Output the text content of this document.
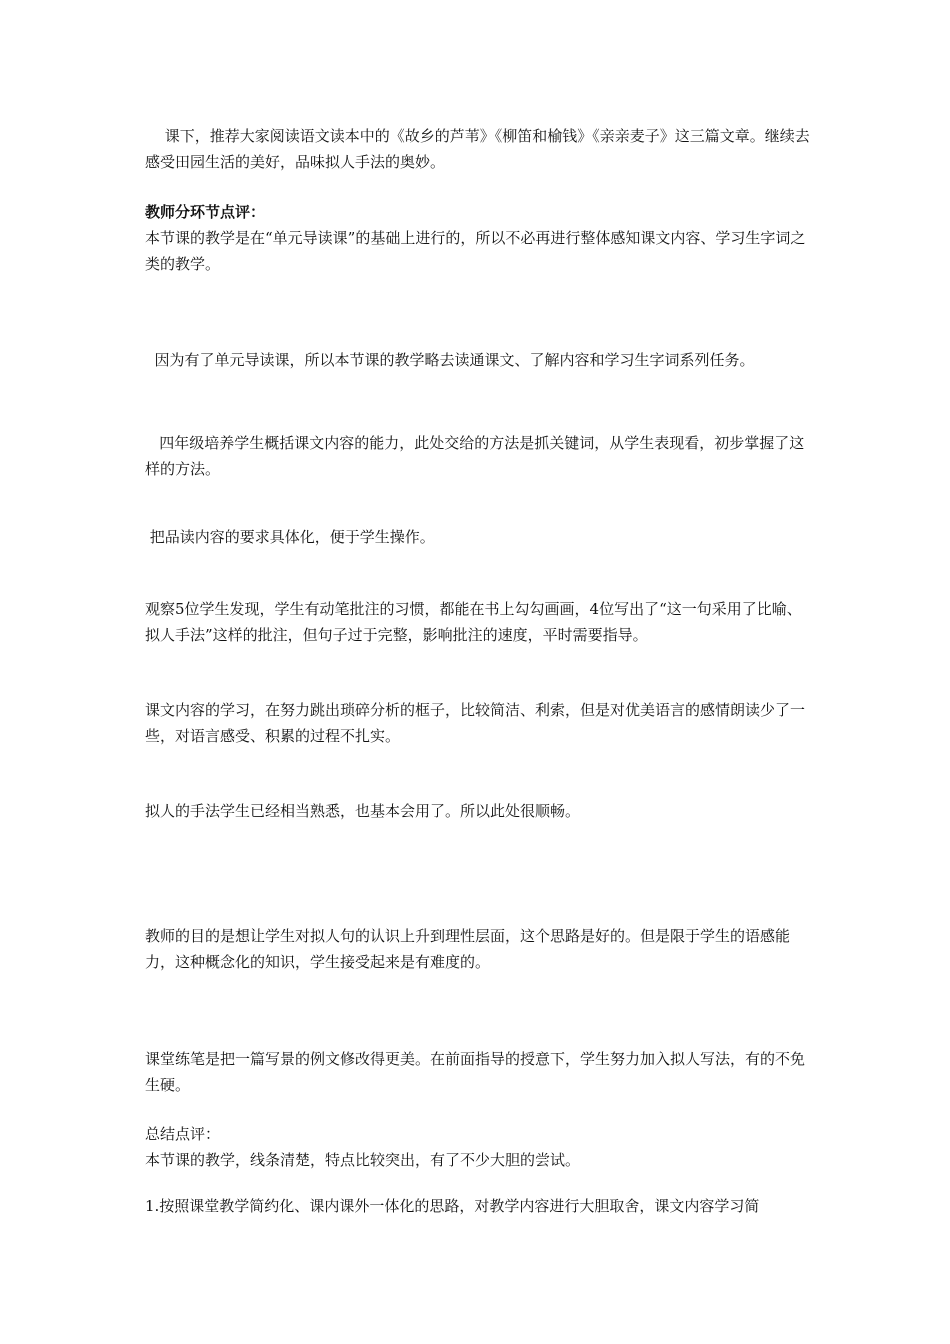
　 课下，推荐大家阅读语文读本中的《故乡的芦苇》《柳笛和榆钱》《亲亲麦子》这三篇文章。继续去感受田园生活的美好，品味拟人手法的奥妙。

教师分环节点评：

本节课的教学是在“单元导读课”的基础上进行的，所以不必再进行整体感知课文内容、学习生字词之类的教学。

因为有了单元导读课，所以本节课的教学略去读通课文、了解内容和学习生字词系列任务。

四年级培养学生概括课文内容的能力，此处交给的方法是抓关键词，从学生表现看，初步掌握了这样的方法。

把品读内容的要求具体化，便于学生操作。

观察5位学生发现，学生有动笔批注的习惯，都能在书上勾勾画画，4位写出了“这一句采用了比喻、拟人手法”这样的批注，但句子过于完整，影响批注的速度，平时需要指导。

课文内容的学习，在努力跳出琐碎分析的框子，比较简洁、利索，但是对优美语言的感情朗读少了一些，对语言感受、积累的过程不扎实。

拟人的手法学生已经相当熟悉，也基本会用了。所以此处很顺畅。

教师的目的是想让学生对拟人句的认识上升到理性层面，这个思路是好的。但是限于学生的语感能力，这种概念化的知识，学生接受起来是有难度的。

课堂练笔是把一篇写景的例文修改得更美。在前面指导的授意下，学生努力加入拟人写法，有的不免生硬。

总结点评：

本节课的教学，线条清楚，特点比较突出，有了不少大胆的尝试。

1.按照课堂教学简约化、课内课外一体化的思路，对教学内容进行大胆取舍，课文内容学习简
